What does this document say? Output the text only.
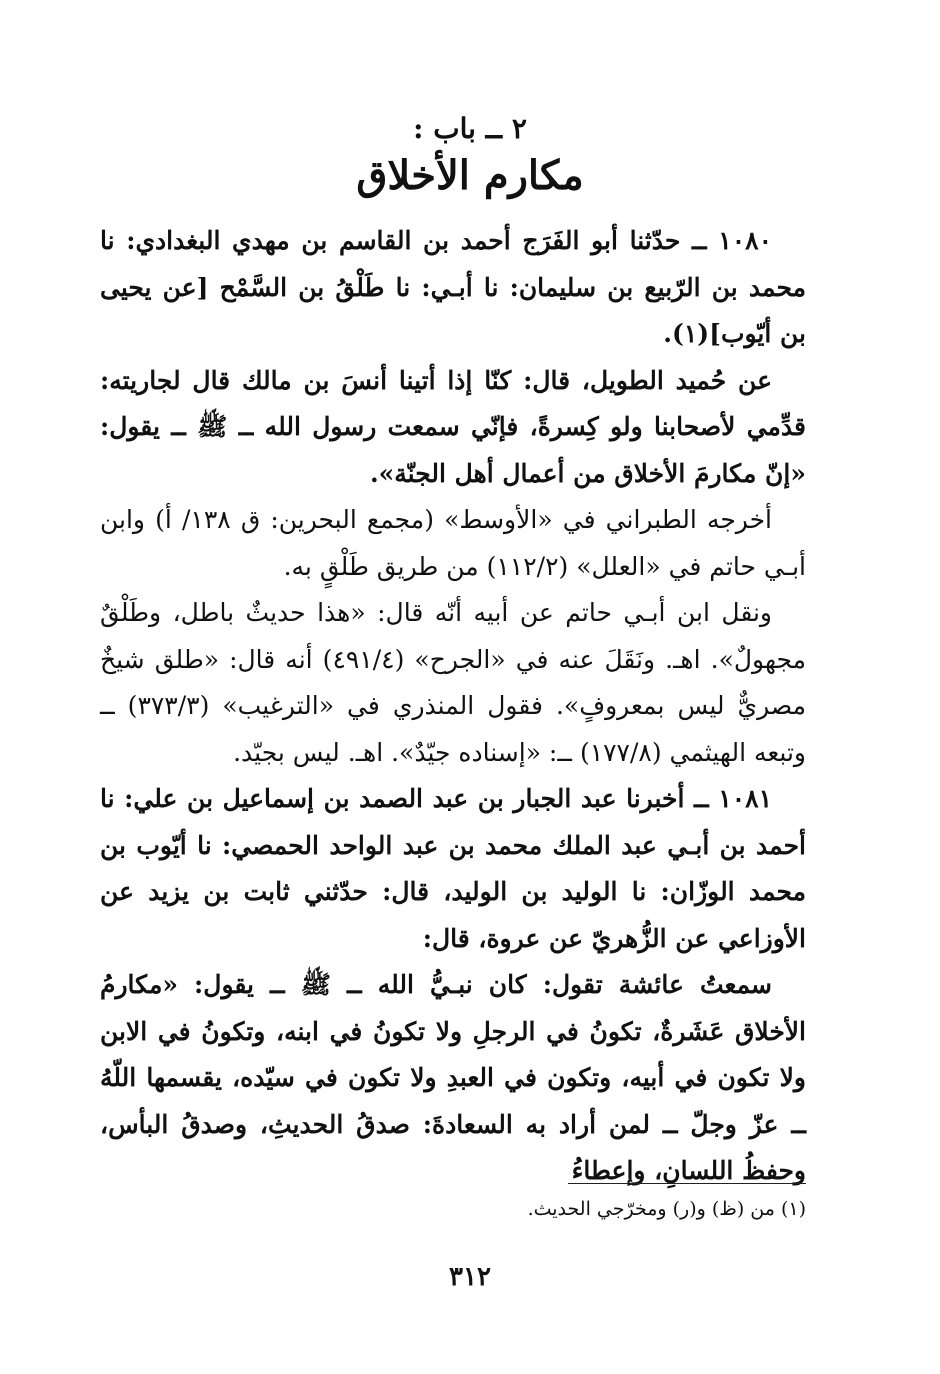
٢ ــ باب :
مكارم الأخلاق

١٠٨٠ ــ حدّثنا أبو الفَرَج أحمد بن القاسم بن مهدي البغدادي: نا محمد بن الرّبيع بن سليمان: نا أبـي: نا طَلْقُ بن السَّمْح [عن يحيى بن أيّوب](١).

عن حُميد الطويل، قال: كنّا إذا أتينا أنسَ بن مالك قال لجاريته: قدِّمي لأصحابنا ولو كِسرةً، فإنّي سمعت رسول الله ــ ﷺ ــ يقول: «إنّ مكارمَ الأخلاق من أعمال أهل الجنّة».

أخرجه الطبراني في «الأوسط» (مجمع البحرين: ق ١٣٨/ أ) وابن أبـي حاتم في «العلل» (١١٢/٢) من طريق طَلْقٍ به.

ونقل ابن أبـي حاتم عن أبيه أنّه قال: «هذا حديثٌ باطل، وطَلْقٌ مجهولٌ». اهـ. ونَقَلَ عنه في «الجرح» (٤٩١/٤) أنه قال: «طلق شيخٌ مصريٌّ ليس بمعروفٍ». فقول المنذري في «الترغيب» (٣٧٣/٣) ــ وتبعه الهيثمي (١٧٧/٨) ــ: «إسناده جيّدٌ». اهـ. ليس بجيّد.

١٠٨١ ــ أخبرنا عبد الجبار بن عبد الصمد بن إسماعيل بن علي: نا أحمد بن أبـي عبد الملك محمد بن عبد الواحد الحمصي: نا أيّوب بن محمد الوزّان: نا الوليد بن الوليد، قال: حدّثني ثابت بن يزيد عن الأوزاعي عن الزُّهريّ عن عروة، قال:

سمعتُ عائشة تقول: كان نبـيُّ الله ــ ﷺ ــ يقول: «مكارمُ الأخلاق عَشَرةٌ، تكونُ في الرجلِ ولا تكونُ في ابنه، وتكونُ في الابن ولا تكون في أبيه، وتكون في العبدِ ولا تكون في سيّده، يقسمها اللّهُ ــ عزّ وجلّ ــ لمن أراد به السعادةَ: صدقُ الحديثِ، وصدقُ البأس، وحفظُ اللسانِ، وإعطاءُ

(١) من (ظ) و(ر) ومخرّجي الحديث.
٣١٢
